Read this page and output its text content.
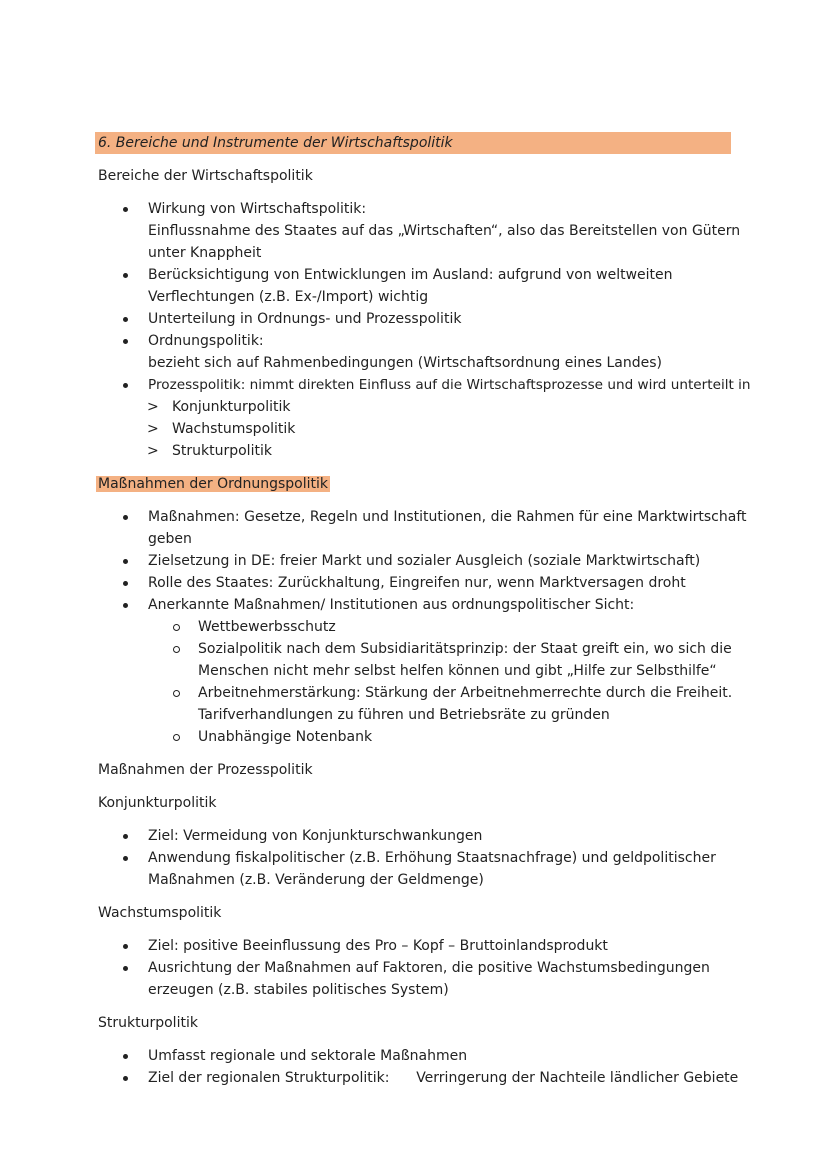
6. Bereiche und Instrumente der Wirtschaftspolitik
Bereiche der Wirtschaftspolitik
Wirkung von Wirtschaftspolitik:
Einflussnahme des Staates auf das „Wirtschaften“, also das Bereitstellen von Gütern
unter Knappheit
Berücksichtigung von Entwicklungen im Ausland: aufgrund von weltweiten
Verflechtungen (z.B. Ex-/Import) wichtig
Unterteilung in Ordnungs- und Prozesspolitik
Ordnungspolitik:
bezieht sich auf Rahmenbedingungen (Wirtschaftsordnung eines Landes)
Prozesspolitik: nimmt direkten Einfluss auf die Wirtschaftsprozesse und wird unterteilt in
> Konjunkturpolitik
> Wachstumspolitik
> Strukturpolitik
Maßnahmen der Ordnungspolitik
Maßnahmen: Gesetze, Regeln und Institutionen, die Rahmen für eine Marktwirtschaft
geben
Zielsetzung in DE: freier Markt und sozialer Ausgleich (soziale Marktwirtschaft)
Rolle des Staates: Zurückhaltung, Eingreifen nur, wenn Marktversagen droht
Anerkannte Maßnahmen/ Institutionen aus ordnungspolitischer Sicht:
Wettbewerbsschutz
Sozialpolitik nach dem Subsidiaritätsprinzip: der Staat greift ein, wo sich die
Menschen nicht mehr selbst helfen können und gibt „Hilfe zur Selbsthilfe“
Arbeitnehmerstärkung: Stärkung der Arbeitnehmerrechte durch die Freiheit.
Tarifverhandlungen zu führen und Betriebsräte zu gründen
Unabhängige Notenbank
Maßnahmen der Prozesspolitik
Konjunkturpolitik
Ziel: Vermeidung von Konjunkturschwankungen
Anwendung fiskalpolitischer (z.B. Erhöhung Staatsnachfrage) und geldpolitischer
Maßnahmen (z.B. Veränderung der Geldmenge)
Wachstumspolitik
Ziel: positive Beeinflussung des Pro – Kopf – Bruttoinlandsprodukt
Ausrichtung der Maßnahmen auf Faktoren, die positive Wachstumsbedingungen
erzeugen (z.B. stabiles politisches System)
Strukturpolitik
Umfasst regionale und sektorale Maßnahmen
Ziel der regionalen Strukturpolitik:      Verringerung der Nachteile ländlicher Gebiete
